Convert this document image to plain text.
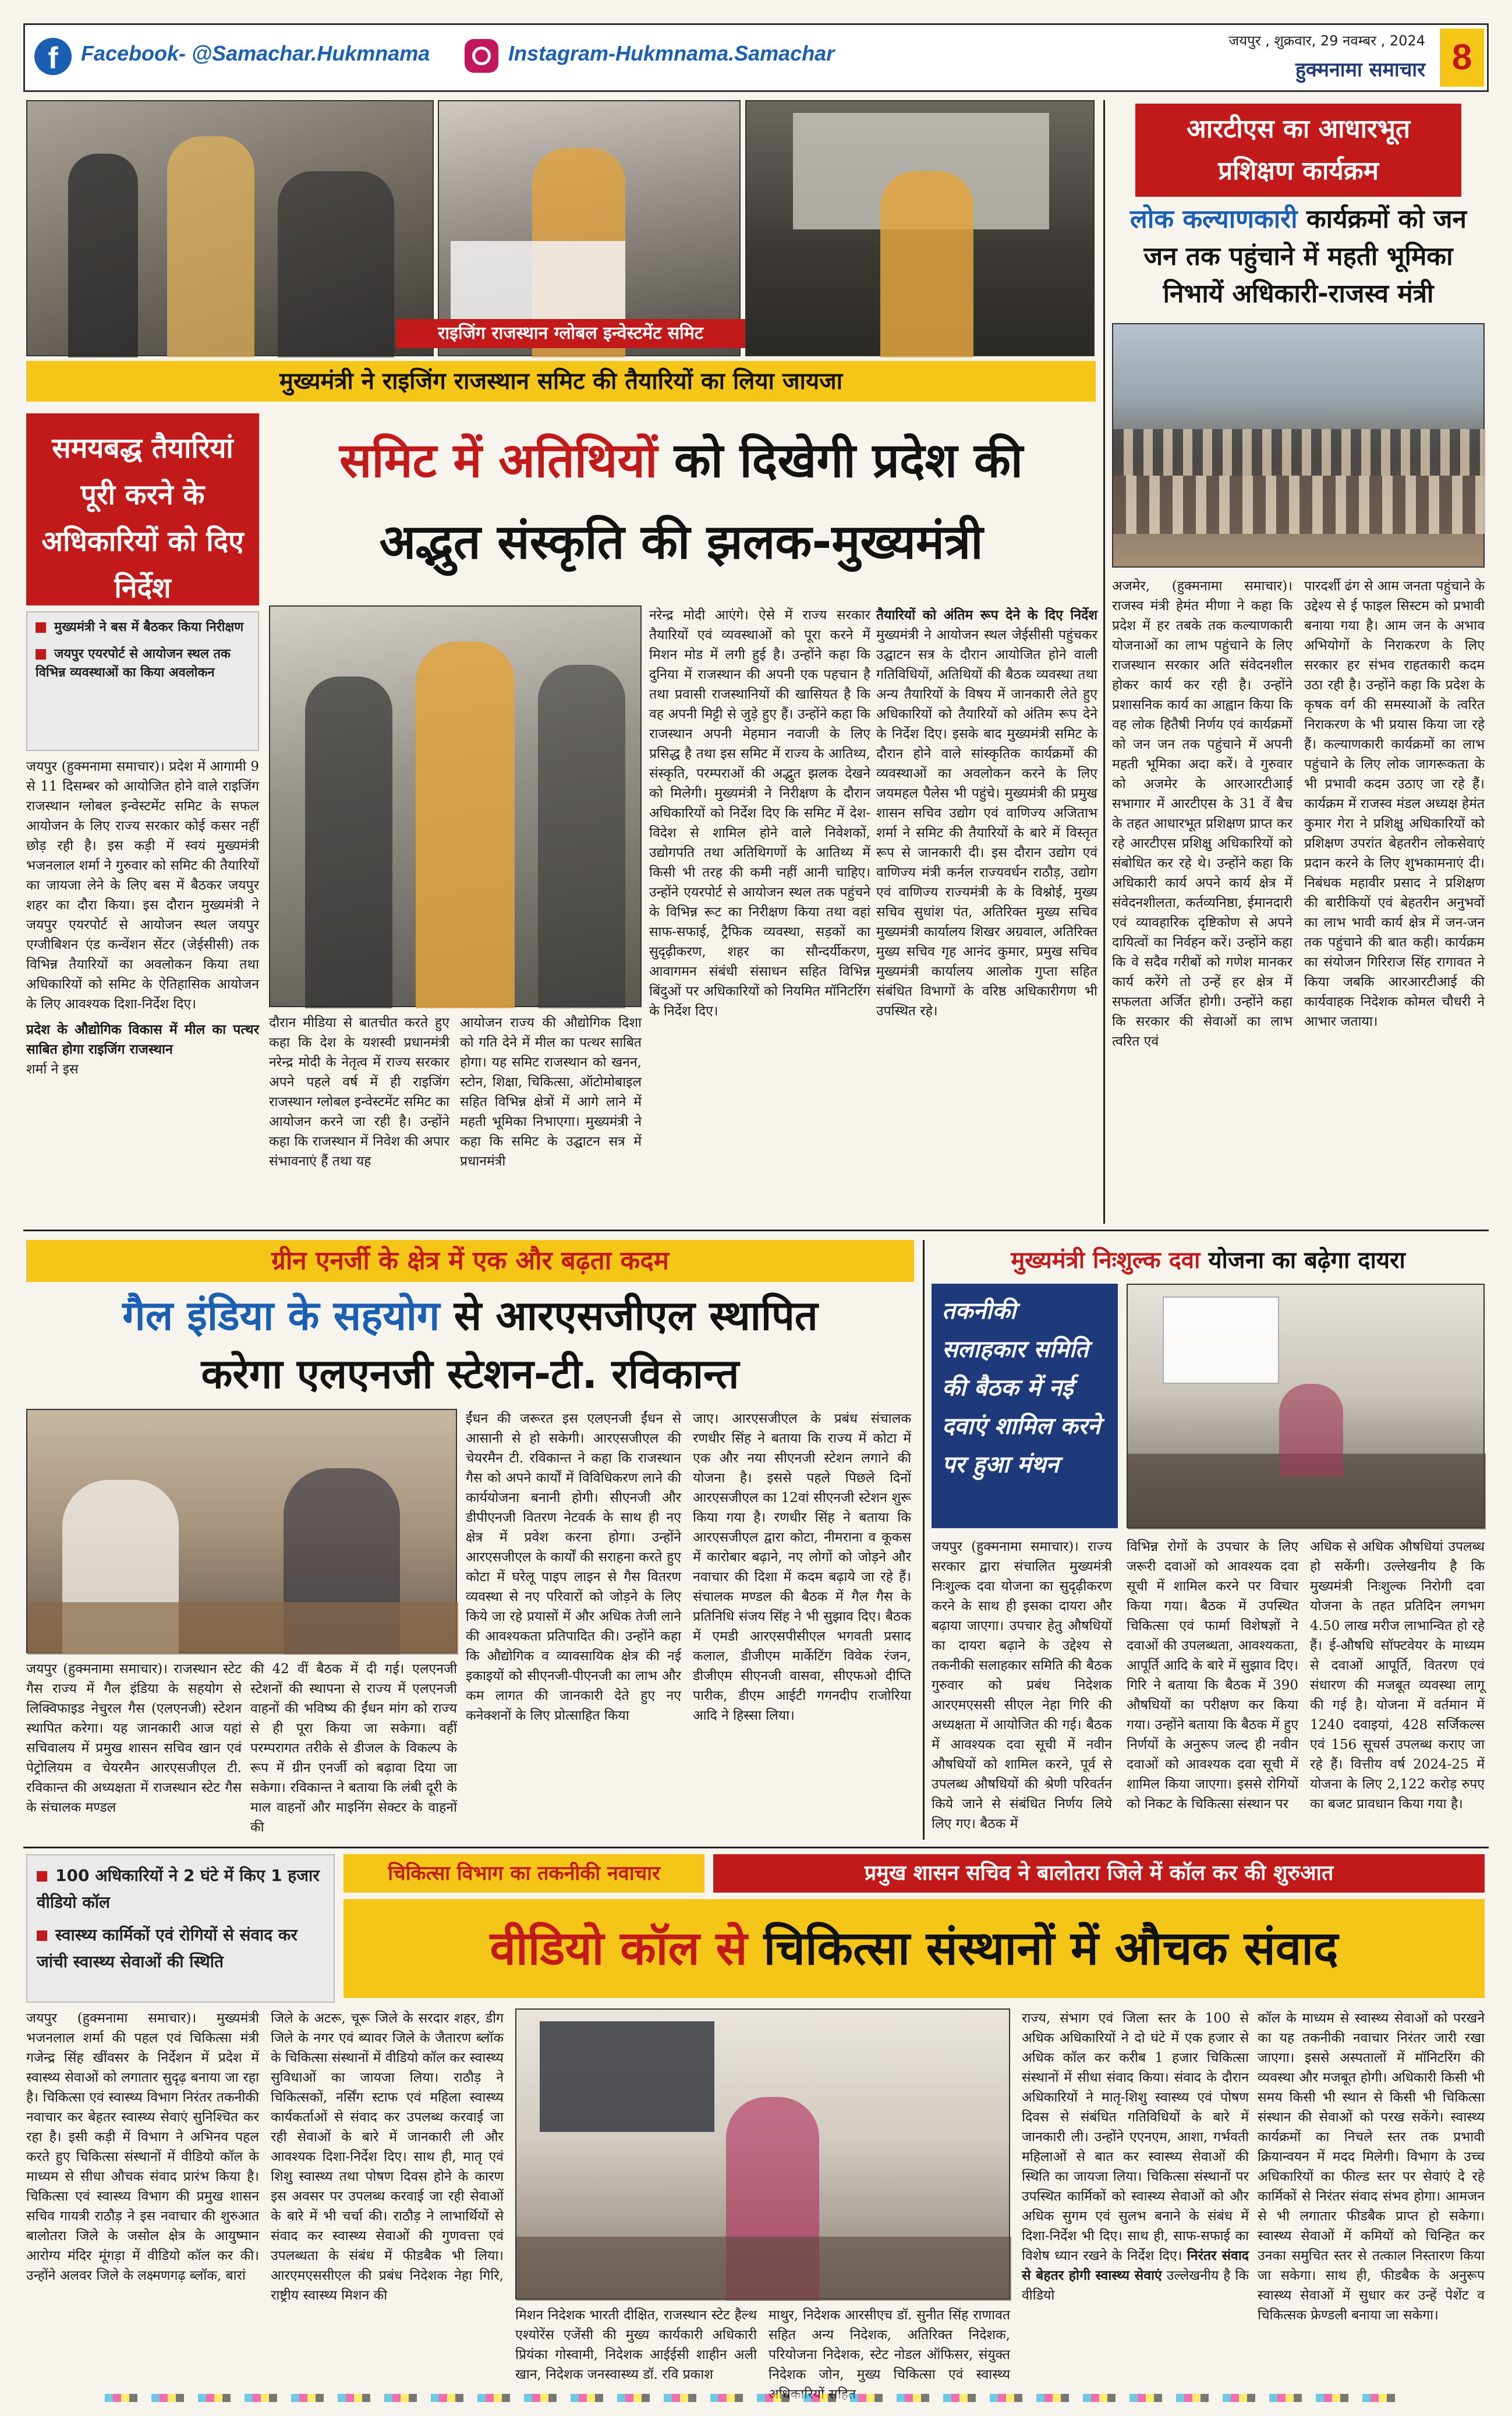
f	Facebook- @Samachar.Hukmnama	Instagram-Hukmnama.Samachar
जयपुर , शुक्रवार, 29 नवम्बर , 2024
हुक्मनामा समाचार 8
राइजिंग राजस्थान ग्लोबल इन्वेस्टमेंट समिट
मुख्यमंत्री ने राइजिंग राजस्थान समिट की तैयारियों का लिया जायजा
समयबद्ध तैयारियां पूरी करने के अधिकारियों को दिए निर्देश
समिट में अतिथियों को दिखेगी प्रदेश की
अद्भुत संस्कृति की झलक-मुख्यमंत्री
मुख्यमंत्री ने बस में बैठकर किया निरीक्षण
जयपुर एयरपोर्ट से आयोजन स्थल तक विभिन्न व्यवस्थाओं का किया अवलोकन
जयपुर (हुक्मनामा समाचार)। प्रदेश में आगामी 9 से 11 दिसम्बर को आयोजित होने वाले राइजिंग राजस्थान ग्लोबल इन्वेस्टमेंट समिट के सफल आयोजन के लिए राज्य सरकार कोई कसर नहीं छोड़ रही है। इस कड़ी में स्वयं मुख्यमंत्री भजनलाल शर्मा ने गुरुवार को समिट की तैयारियों का जायजा लेने के लिए बस में बैठकर जयपुर शहर का दौरा किया। इस दौरान मुख्यमंत्री ने जयपुर एयरपोर्ट से आयोजन स्थल जयपुर एग्जीबिशन एंड कन्वेंशन सेंटर (जेईसीसी) तक विभिन्न तैयारियों का अवलोकन किया तथा अधिकारियों को समिट के ऐतिहासिक आयोजन के लिए आवश्यक दिशा-निर्देश दिए।
प्रदेश के औद्योगिक विकास में मील का पत्थर साबित होगा राइजिंग राजस्थान
शर्मा ने इस
दौरान मीडिया से बातचीत करते हुए कहा कि देश के यशस्वी प्रधानमंत्री नरेन्द्र मोदी के नेतृत्व में राज्य सरकार अपने पहले वर्ष में ही राइजिंग राजस्थान ग्लोबल इन्वेस्टमेंट समिट का आयोजन करने जा रही है। उन्होंने कहा कि राजस्थान में निवेश की अपार संभावनाएं हैं तथा यह
आयोजन राज्य की औद्योगिक दिशा को गति देने में मील का पत्थर साबित होगा। यह समिट राजस्थान को खनन, स्टोन, शिक्षा, चिकित्सा, ऑटोमोबाइल सहित विभिन्न क्षेत्रों में आगे लाने में महती भूमिका निभाएगा। मुख्यमंत्री ने कहा कि समिट के उद्घाटन सत्र में प्रधानमंत्री
नरेन्द्र मोदी आएंगे। ऐसे में राज्य सरकार तैयारियों एवं व्यवस्थाओं को पूरा करने में मिशन मोड में लगी हुई है। उन्होंने कहा कि दुनिया में राजस्थान की अपनी एक पहचान है तथा प्रवासी राजस्थानियों की खासियत है कि वह अपनी मिट्टी से जुड़े हुए हैं। उन्होंने कहा कि राजस्थान अपनी मेहमान नवाजी के लिए प्रसिद्ध है तथा इस समिट में राज्य के आतिथ्य, संस्कृति, परम्पराओं की अद्भुत झलक देखने को मिलेगी। मुख्यमंत्री ने निरीक्षण के दौरान अधिकारियों को निर्देश दिए कि समिट में देश-विदेश से शामिल होने वाले निवेशकों, उद्योगपति तथा अतिथिगणों के आतिथ्य में किसी भी तरह की कमी नहीं आनी चाहिए। उन्होंने एयरपोर्ट से आयोजन स्थल तक पहुंचने के विभिन्न रूट का निरीक्षण किया तथा वहां साफ-सफाई, ट्रैफिक व्यवस्था, सड़कों का सुदृढ़ीकरण, शहर का सौन्दर्यीकरण, आवागमन संबंधी संसाधन सहित विभिन्न बिंदुओं पर अधिकारियों को नियमित मॉनिटरिंग के निर्देश दिए।
तैयारियों को अंतिम रूप देने के दिए निर्देश मुख्यमंत्री ने आयोजन स्थल जेईसीसी पहुंचकर उद्घाटन सत्र के दौरान आयोजित होने वाली गतिविधियों, अतिथियों की बैठक व्यवस्था तथा अन्य तैयारियों के विषय में जानकारी लेते हुए अधिकारियों को तैयारियों को अंतिम रूप देने के निर्देश दिए। इसके बाद मुख्यमंत्री समिट के दौरान होने वाले सांस्कृतिक कार्यक्रमों की व्यवस्थाओं का अवलोकन करने के लिए जयमहल पैलेस भी पहुंचे। मुख्यमंत्री की प्रमुख शासन सचिव उद्योग एवं वाणिज्य अजिताभ शर्मा ने समिट की तैयारियों के बारे में विस्तृत रूप से जानकारी दी। इस दौरान उद्योग एवं वाणिज्य मंत्री कर्नल राज्यवर्धन राठौड़, उद्योग एवं वाणिज्य राज्यमंत्री के के विश्नोई, मुख्य सचिव सुधांश पंत, अतिरिक्त मुख्य सचिव मुख्यमंत्री कार्यालय शिखर अग्रवाल, अतिरिक्त मुख्य सचिव गृह आनंद कुमार, प्रमुख सचिव मुख्यमंत्री कार्यालय आलोक गुप्ता सहित संबंधित विभागों के वरिष्ठ अधिकारीगण भी उपस्थित रहे।
आरटीएस का आधारभूत प्रशिक्षण कार्यक्रम
लोक कल्याणकारी कार्यक्रमों को जन जन तक पहुंचाने में महती भूमिका निभायें अधिकारी-राजस्व मंत्री
अजमेर, (हुक्मनामा समाचार)। राजस्व मंत्री हेमंत मीणा ने कहा कि प्रदेश में हर तबके तक कल्याणकारी योजनाओं का लाभ पहुंचाने के लिए राजस्थान सरकार अति संवेदनशील होकर कार्य कर रही है। उन्होंने प्रशासनिक कार्य का आह्वान किया कि वह लोक हितैषी निर्णय एवं कार्यक्रमों को जन जन तक पहुंचाने में अपनी महती भूमिका अदा करें। वे गुरुवार को अजमेर के आरआरटीआई सभागार में आरटीएस के 31 वें बैच के तहत आधारभूत प्रशिक्षण प्राप्त कर रहे आरटीएस प्रशिक्षु अधिकारियों को संबोधित कर रहे थे। उन्होंने कहा कि अधिकारी कार्य अपने कार्य क्षेत्र में संवेदनशीलता, कर्तव्यनिष्ठा, ईमानदारी एवं व्यावहारिक दृष्टिकोण से अपने दायित्वों का निर्वहन करें। उन्होंने कहा कि वे सदैव गरीबों को गणेश मानकर कार्य करेंगे तो उन्हें हर क्षेत्र में सफलता अर्जित होगी। उन्होंने कहा कि सरकार की सेवाओं का लाभ त्वरित एवं
पारदर्शी ढंग से आम जनता पहुंचाने के उद्देश्य से ई फाइल सिस्टम को प्रभावी बनाया गया है। आम जन के अभाव अभियोगों के निराकरण के लिए सरकार हर संभव राहतकारी कदम उठा रही है। उन्होंने कहा कि प्रदेश के कृषक वर्ग की समस्याओं के त्वरित निराकरण के भी प्रयास किया जा रहे हैं। कल्याणकारी कार्यक्रमों का लाभ पहुंचाने के लिए लोक जागरूकता के भी प्रभावी कदम उठाए जा रहे हैं। कार्यक्रम में राजस्व मंडल अध्यक्ष हेमंत कुमार गेरा ने प्रशिक्षु अधिकारियों को प्रशिक्षण उपरांत बेहतरीन लोकसेवाएं प्रदान करने के लिए शुभकामनाएं दी। निबंधक महावीर प्रसाद ने प्रशिक्षण की बारीकियों एवं बेहतरीन अनुभवों का लाभ भावी कार्य क्षेत्र में जन-जन तक पहुंचाने की बात कही। कार्यक्रम का संयोजन गिरिराज सिंह रागावत ने किया जबकि आरआरटीआई की कार्यवाहक निदेशक कोमल चौधरी ने आभार जताया।
ग्रीन एनर्जी के क्षेत्र में एक और बढ़ता कदम
गैल इंडिया के सहयोग से आरएसजीएल स्थापित
करेगा एलएनजी स्टेशन-टी. रविकान्त
जयपुर (हुक्मनामा समाचार)। राजस्थान स्टेट गैस राज्य में गैल इंडिया के सहयोग से लिक्विफाइड नेचुरल गैस (एलएनजी) स्टेशन स्थापित करेगा। यह जानकारी आज यहां सचिवालय में प्रमुख शासन सचिव खान एवं पेट्रोलियम व चेयरमैन आरएसजीएल टी. रविकान्त की अध्यक्षता में राजस्थान स्टेट गैस के संचालक मण्डल
की 42 वीं बैठक में दी गई। एलएनजी स्टेशनों की स्थापना से राज्य में एलएनजी वाहनों की भविष्य की ईंधन मांग को राज्य से ही पूरा किया जा सकेगा। वहीं परम्परागत तरीके से डीजल के विकल्प के रूप में ग्रीन एनर्जी को बढ़ावा दिया जा सकेगा। रविकान्त ने बताया कि लंबी दूरी के माल वाहनों और माइनिंग सेक्टर के वाहनों की
ईंधन की जरूरत इस एलएनजी ईंधन से आसानी से हो सकेगी। आरएसजीएल की चेयरमैन टी. रविकान्त ने कहा कि राजस्थान गैस को अपने कार्यों में विविधिकरण लाने की कार्ययोजना बनानी होगी। सीएनजी और डीपीएनजी वितरण नेटवर्क के साथ ही नए क्षेत्र में प्रवेश करना होगा। उन्होंने आरएसजीएल के कार्यों की सराहना करते हुए कोटा में घरेलू पाइप लाइन से गैस वितरण व्यवस्था से नए परिवारों को जोड़ने के लिए किये जा रहे प्रयासों में और अधिक तेजी लाने की आवश्यकता प्रतिपादित की। उन्होंने कहा कि औद्योगिक व व्यावसायिक क्षेत्र की नई इकाइयों को सीएनजी-पीएनजी का लाभ और कम लागत की जानकारी देते हुए नए कनेक्शनों के लिए प्रोत्साहित किया
जाए। आरएसजीएल के प्रबंध संचालक रणधीर सिंह ने बताया कि राज्य में कोटा में एक और नया सीएनजी स्टेशन लगाने की योजना है। इससे पहले पिछले दिनों आरएसजीएल का 12वां सीएनजी स्टेशन शुरू किया गया है। रणधीर सिंह ने बताया कि आरएसजीएल द्वारा कोटा, नीमराना व कूकस में कारोबार बढ़ाने, नए लोगों को जोड़ने और नवाचार की दिशा में कदम बढ़ाये जा रहे हैं। संचालक मण्डल की बैठक में गैल गैस के प्रतिनिधि संजय सिंह ने भी सुझाव दिए। बैठक में एमडी आरएसपीसीएल भगवती प्रसाद कलाल, डीजीएम मार्केटिंग विवेक रंजन, डीजीएम सीएनजी वासवा, सीएफओ दीप्ति पारीक, डीएम आईटी गगनदीप राजोरिया आदि ने हिस्सा लिया।
मुख्यमंत्री निःशुल्क दवा योजना का बढ़ेगा दायरा
तकनीकी सलाहकार समिति की बैठक में नई दवाएं शामिल करने पर हुआ मंथन
जयपुर (हुक्मनामा समाचार)। राज्य सरकार द्वारा संचालित मुख्यमंत्री निःशुल्क दवा योजना का सुदृढ़ीकरण करने के साथ ही इसका दायरा और बढ़ाया जाएगा। उपचार हेतु औषधियों का दायरा बढ़ाने के उद्देश्य से तकनीकी सलाहकार समिति की बैठक गुरुवार को प्रबंध निदेशक आरएमएससी सीएल नेहा गिरि की अध्यक्षता में आयोजित की गई। बैठक में आवश्यक दवा सूची में नवीन औषधियों को शामिल करने, पूर्व से उपलब्ध औषधियों की श्रेणी परिवर्तन किये जाने से संबंधित निर्णय लिये लिए गए। बैठक में
विभिन्न रोगों के उपचार के लिए जरूरी दवाओं को आवश्यक दवा सूची में शामिल करने पर विचार किया गया। बैठक में उपस्थित चिकित्सा एवं फार्मा विशेषज्ञों ने दवाओं की उपलब्धता, आवश्यकता, आपूर्ति आदि के बारे में सुझाव दिए। गिरि ने बताया कि बैठक में 390 औषधियों का परीक्षण कर किया गया। उन्होंने बताया कि बैठक में हुए निर्णयों के अनुरूप जल्द ही नवीन दवाओं को आवश्यक दवा सूची में शामिल किया जाएगा। इससे रोगियों को निकट के चिकित्सा संस्थान पर
अधिक से अधिक औषधियां उपलब्ध हो सकेंगी। उल्लेखनीय है कि मुख्यमंत्री निःशुल्क निरोगी दवा योजना के तहत प्रतिदिन लगभग 4.50 लाख मरीज लाभान्वित हो रहे हैं। ई-औषधि सॉफ्टवेयर के माध्यम से दवाओं आपूर्ति, वितरण एवं संधारण की मजबूत व्यवस्था लागू की गई है। योजना में वर्तमान में 1240 दवाइयां, 428 सर्जिकल्स एवं 156 सूचर्स उपलब्ध कराए जा रहे हैं। वित्तीय वर्ष 2024-25 में योजना के लिए 2,122 करोड़ रुपए का बजट प्रावधान किया गया है।
100 अधिकारियों ने 2 घंटे में किए 1 हजार वीडियो कॉल
स्वास्थ्य कार्मिकों एवं रोगियों से संवाद कर जांची स्वास्थ्य सेवाओं की स्थिति
चिकित्सा विभाग का तकनीकी नवाचार	प्रमुख शासन सचिव ने बालोतरा जिले में कॉल कर की शुरुआत
वीडियो कॉल से चिकित्सा संस्थानों में औचक संवाद
जयपुर (हुक्मनामा समाचार)। मुख्यमंत्री भजनलाल शर्मा की पहल एवं चिकित्सा मंत्री गजेन्द्र सिंह खींवसर के निर्देशन में प्रदेश में स्वास्थ्य सेवाओं को लगातार सुदृढ़ बनाया जा रहा है। चिकित्सा एवं स्वास्थ्य विभाग निरंतर तकनीकी नवाचार कर बेहतर स्वास्थ्य सेवाएं सुनिश्चित कर रहा है। इसी कड़ी में विभाग ने अभिनव पहल करते हुए चिकित्सा संस्थानों में वीडियो कॉल के माध्यम से सीधा औचक संवाद प्रारंभ किया है। चिकित्सा एवं स्वास्थ्य विभाग की प्रमुख शासन सचिव गायत्री राठौड़ ने इस नवाचार की शुरुआत बालोतरा जिले के जसोल क्षेत्र के आयुष्मान आरोग्य मंदिर मूंगड़ा में वीडियो कॉल कर की। उन्होंने अलवर जिले के लक्ष्मणगढ़ ब्लॉक, बारां
जिले के अटरू, चूरू जिले के सरदार शहर, डीग जिले के नगर एवं ब्यावर जिले के जैतारण ब्लॉक के चिकित्सा संस्थानों में वीडियो कॉल कर स्वास्थ्य सुविधाओं का जायजा लिया। राठौड़ ने चिकित्सकों, नर्सिंग स्टाफ एवं महिला स्वास्थ्य कार्यकर्ताओं से संवाद कर उपलब्ध करवाई जा रही सेवाओं के बारे में जानकारी ली और आवश्यक दिशा-निर्देश दिए। साथ ही, मातृ एवं शिशु स्वास्थ्य तथा पोषण दिवस होने के कारण इस अवसर पर उपलब्ध करवाई जा रही सेवाओं के बारे में भी चर्चा की। राठौड़ ने लाभार्थियों से संवाद कर स्वास्थ्य सेवाओं की गुणवत्ता एवं उपलब्धता के संबंध में फीडबैक भी लिया। आरएमएससीएल की प्रबंध निदेशक नेहा गिरि, राष्ट्रीय स्वास्थ्य मिशन की
मिशन निदेशक भारती दीक्षित, राजस्थान स्टेट हैल्थ एश्योरेंस एजेंसी की मुख्य कार्यकारी अधिकारी प्रियंका गोस्वामी, निदेशक आईईसी शाहीन अली खान, निदेशक जनस्वास्थ्य डॉ. रवि प्रकाश
माथुर, निदेशक आरसीएच डॉ. सुनीत सिंह राणावत सहित अन्य निदेशक, अतिरिक्त निदेशक, परियोजना निदेशक, स्टेट नोडल ऑफिसर, संयुक्त निदेशक जोन, मुख्य चिकित्सा एवं स्वास्थ्य
राज्य, संभाग एवं जिला स्तर के 100 से अधिक अधिकारियों ने दो घंटे में एक हजार से अधिक कॉल कर करीब 1 हजार चिकित्सा संस्थानों में सीधा संवाद किया। संवाद के दौरान अधिकारियों ने मातृ-शिशु स्वास्थ्य एवं पोषण दिवस से संबंधित गतिविधियों के बारे में जानकारी ली। उन्होंने एएनएम, आशा, गर्भवती महिलाओं से बात कर स्वास्थ्य सेवाओं की स्थिति का जायजा लिया। चिकित्सा संस्थानों पर उपस्थित कार्मिकों को स्वास्थ्य सेवाओं को और अधिक सुगम एवं सुलभ बनाने के संबंध में दिशा-निर्देश भी दिए। साथ ही, साफ-सफाई का विशेष ध्यान रखने के निर्देश दिए। निरंतर संवाद से बेहतर होगी स्वास्थ्य सेवाएं उल्लेखनीय है कि वीडियो
कॉल के माध्यम से स्वास्थ्य सेवाओं को परखने का यह तकनीकी नवाचार निरंतर जारी रखा जाएगा। इससे अस्पतालों में मॉनिटरिंग की व्यवस्था और मजबूत होगी। अधिकारी किसी भी समय किसी भी स्थान से किसी भी चिकित्सा संस्थान की सेवाओं को परख सकेंगे। स्वास्थ्य कार्यक्रमों का निचले स्तर तक प्रभावी क्रियान्वयन में मदद मिलेगी। विभाग के उच्च अधिकारियों का फील्ड स्तर पर सेवाएं दे रहे कार्मिकों से निरंतर संवाद संभव होगा। आमजन से भी लगातार फीडबैक प्राप्त हो सकेगा। स्वास्थ्य सेवाओं में कमियों को चिन्हित कर उनका समुचित स्तर से तत्काल निस्तारण किया जा सकेगा। साथ ही, फीडबैक के अनुरूप स्वास्थ्य सेवाओं में सुधार कर उन्हें पेशेंट व चिकित्सक फ्रेण्डली बनाया जा सकेगा।
